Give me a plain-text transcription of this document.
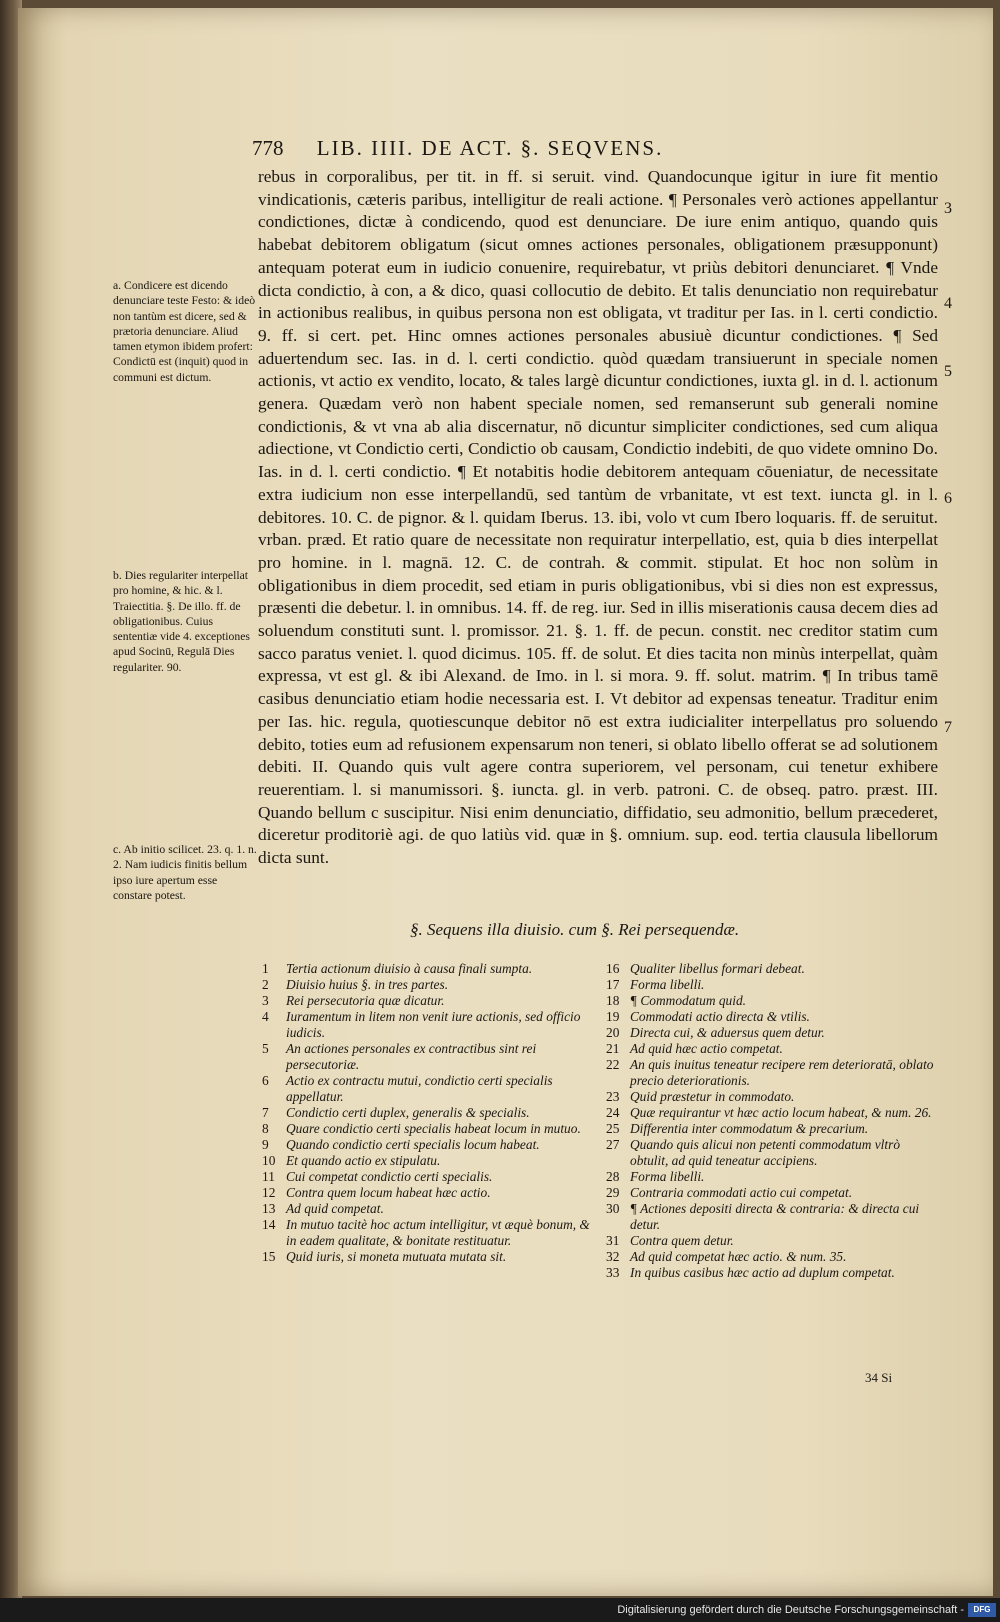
778 LIB. IIII. DE ACT. §. SEQVENS.

rebus in corporalibus, per tit. in ff. si seruit. vind. Quandocunque igitur in iure fit mentio vindicationis, cæteris paribus, intelligitur de reali actione. ¶ Personales verò actiones appellantur condictiones, dictæ à condicendo, quod est denunciare. De iure enim antiquo, quando quis habebat debitorem obligatum (sicut omnes actiones personales, obligationem præsupponunt) antequam poterat eum in iudicio conuenire, requirebatur, vt priùs debitori denunciaret. ¶ Vnde dicta condictio, à con, a & dico, quasi collocutio de debito. Et talis denunciatio non requirebatur in actionibus realibus, in quibus persona non est obligata, vt traditur per Ias. in l. certi condictio. 9. ff. si cert. pet. Hinc omnes actiones personales abusiuè dicuntur condictiones. ¶ Sed aduertendum sec. Ias. in d. l. certi condictio. quòd quædam transiuerunt in speciale nomen actionis, vt actio ex vendito, locato, & tales largè dicuntur condictiones, iuxta gl. in d. l. actionum genera. Quædam verò non habent speciale nomen, sed remanserunt sub generali nomine condictionis, & vt vna ab alia discernatur, nō dicuntur simpliciter condictiones, sed cum aliqua adiectione, vt Condictio certi, Condictio ob causam, Condictio indebiti, de quo videte omnino Do. Ias. in d. l. certi condictio. ¶ Et notabitis hodie debitorem antequam cōueniatur, de necessitate extra iudicium non esse interpellandū, sed tantùm de vrbanitate, vt est text. iuncta gl. in l. debitores. 10. C. de pignor. & l. quidam Iberus. 13. ibi, volo vt cum Ibero loquaris. ff. de seruitut. vrban. præd. Et ratio quare de necessitate non requiratur interpellatio, est, quia b dies interpellat pro homine. in l. magnā. 12. C. de contrah. & commit. stipulat. Et hoc non solùm in obligationibus in diem procedit, sed etiam in puris obligationibus, vbi si dies non est expressus, præsenti die debetur. l. in omnibus. 14. ff. de reg. iur. Sed in illis miserationis causa decem dies ad soluendum constituti sunt. l. promissor. 21. §. 1. ff. de pecun. constit. nec creditor statim cum sacco paratus veniet. l. quod dicimus. 105. ff. de solut. Et dies tacita non minùs interpellat, quàm expressa, vt est gl. & ibi Alexand. de Imo. in l. si mora. 9. ff. solut. matrim. ¶ In tribus tamē casibus denunciatio etiam hodie necessaria est. I. Vt debitor ad expensas teneatur. Traditur enim per Ias. hic. regula, quotiescunque debitor nō est extra iudicialiter interpellatus pro soluendo debito, toties eum ad refusionem expensarum non teneri, si oblato libello offerat se ad solutionem debiti. II. Quando quis vult agere contra superiorem, vel personam, cui tenetur exhibere reuerentiam. l. si manumissori. §. iuncta. gl. in verb. patroni. C. de obseq. patro. præst. III. Quando bellum c suscipitur. Nisi enim denunciatio, diffidatio, seu admonitio, bellum præcederet, diceretur proditoriè agi. de quo latiùs vid. quæ in §. omnium. sup. eod. tertia clausula libellorum dicta sunt.

a. Condicere est dicendo denunciare teste Festo: & ideò non tantùm est dicere, sed & prætoria denunciare. Aliud tamen etymon ibidem profert: Condictū est (inquit) quod in communi est dictum.

b. Dies regulariter interpellat pro homine, & hic. & l. Traiectitia. §. De illo. ff. de obligationibus. Cuius sententiæ vide 4. exceptiones apud Socinū, Regulā Dies regulariter. 90.

c. Ab initio scilicet. 23. q. 1. n. 2. Nam iudicis finitis bellum ipso iure apertum esse constare potest.

3
4
5
6
7
§. Sequens illa diuisio. cum §. Rei persequendæ.
1	Tertia actionum diuisio à causa finali sumpta.
2	Diuisio huius §. in tres partes.
3	Rei persecutoria quæ dicatur.
4	Iuramentum in litem non venit iure actionis, sed officio iudicis.
5	An actiones personales ex contractibus sint rei persecutoriæ.
6	Actio ex contractu mutui, condictio certi specialis appellatur.
7	Condictio certi duplex, generalis & specialis.
8	Quare condictio certi specialis habeat locum in mutuo.
9	Quando condictio certi specialis locum habeat.
10 Et quando actio ex stipulatu.
11 Cui competat condictio certi specialis.
12 Contra quem locum habeat hæc actio.
13 Ad quid competat.
14 In mutuo tacitè hoc actum intelligitur, vt æquè bonum, & in eadem qualitate, & bonitate restituatur.
15 Quid iuris, si moneta mutuata mutata sit.
16 Qualiter libellus formari debeat.
17 Forma libelli.
18 ¶ Commodatum quid.
19 Commodati actio directa & vtilis.
20 Directa cui, & aduersus quem detur.
21 Ad quid hæc actio competat.
22 An quis inuitus teneatur recipere rem deterioratā, oblato precio deteriorationis.
23 Quid præstetur in commodato.
24 Quæ requirantur vt hæc actio locum habeat, & num. 26.
25 Differentia inter commodatum & precarium.
27 Quando quis alicui non petenti commodatum vltrò obtulit, ad quid teneatur accipiens.
28 Forma libelli.
29 Contraria commodati actio cui competat.
30 ¶ Actiones depositi directa & contraria: & directa cui detur.
31 Contra quem detur.
32 Ad quid competat hæc actio. & num. 35.
33 In quibus casibus hæc actio ad duplum competat.
34 Si
Digitalisierung gefördert durch die Deutsche Forschungsgemeinschaft -	DFG
